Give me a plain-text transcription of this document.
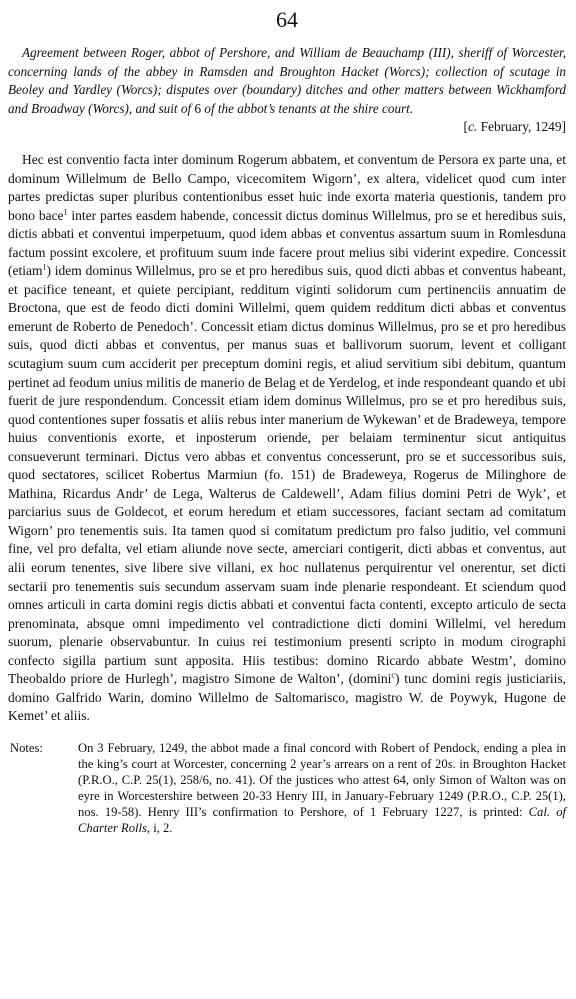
64

Agreement between Roger, abbot of Pershore, and William de Beauchamp (III), sheriff of Worcester, concerning lands of the abbey in Ramsden and Broughton Hacket (Worcs); collection of scutage in Beoley and Yardley (Worcs); disputes over (boundary) ditches and other matters between Wickhamford and Broadway (Worcs), and suit of 6 of the abbot’s tenants at the shire court.

[c. February, 1249]

Hec est conventio facta inter dominum Rogerum abbatem, et conventum de Persora ex parte una, et dominum Willelmum de Bello Campo, vicecomitem Wigorn’, ex altera, videlicet quod cum inter partes predictas super pluribus contentionibus esset huic inde exorta materia questionis, tandem pro bono bace$^1$ inter partes easdem habende, concessit dictus dominus Willelmus, pro se et heredibus suis, dictis abbati et conventui imperpetuum, quod idem abbas et conventus assartum suum in Romlesduna factum possint excolere, et profituum suum inde facere prout melius sibi viderint expedire. Concessit (etiam$^1$) idem dominus Willelmus, pro se et pro heredibus suis, quod dicti abbas et conventus habeant, et pacifice teneant, et quiete percipiant, redditum viginti solidorum cum pertinenciis annuatim de Broctona, que est de feodo dicti domini Willelmi, quem quidem redditum dicti abbas et conventus emerunt de Roberto de Penedoch’. Concessit etiam dictus dominus Willelmus, pro se et pro heredibus suis, quod dicti abbas et conventus, per manus suas et ballivorum suorum, levent et colligant scutagium suum cum acciderit per preceptum domini regis, et aliud servitium sibi debitum, quantum pertinet ad feodum unius militis de manerio de Belag et de Yerdelog, et inde respondeant quando et ubi fuerit de jure respondendum. Concessit etiam idem dominus Willelmus, pro se et pro heredibus suis, quod contentiones super fossatis et aliis rebus inter manerium de Wykewan’ et de Bradeweya, tempore huius conventionis exorte, et inposterum oriende, per belaiam terminentur sicut antiquitus consueverunt terminari. Dictus vero abbas et conventus concesserunt, pro se et successoribus suis, quod sectatores, scilicet Robertus Marmiun (fo. 151) de Bradeweya, Rogerus de Milinghore de Mathina, Ricardus Andr’ de Lega, Walterus de Caldewell’, Adam filius domini Petri de Wyk’, et parciarius suus de Goldecot, et eorum heredum et etiam successores, faciant sectam ad comitatum Wigorn’ pro tenementis suis. Ita tamen quod si comitatum predictum pro falso juditio, vel communi fine, vel pro defalta, vel etiam aliunde nove secte, amerciari contigerit, dicti abbas et conventus, aut alii eorum tenentes, sive libere sive villani, ex hoc nullatenus perquirentur vel onerentur, set dicti sectarii pro tenementis suis secundum asservam suam inde plenarie respondeant. Et sciendum quod omnes articuli in carta domini regis dictis abbati et conventui facta contenti, excepto articulo de secta prenominata, absque omni impedimento vel contradictione dicti domini Willelmi, vel heredum suorum, plenarie observabuntur. In cuius rei testimonium presenti scripto in modum cirographi confecto sigilla partium sunt apposita. Hiis testibus: domino Ricardo abbate Westm’, domino Theobaldo priore de Hurlegh’, magistro Simone de Walton’, (domini$^c$) tunc domini regis justiciariis, domino Galfrido Warin, domino Willelmo de Saltomarisco, magistro W. de Poywyk, Hugone de Kemet’ et aliis.

Notes:	On 3 February, 1249, the abbot made a final concord with Robert of Pendock, ending a plea in the king’s court at Worcester, concerning 2 year’s arrears on a rent of 20s. in Broughton Hacket (P.R.O., C.P. 25(1), 258/6, no. 41). Of the justices who attest 64, only Simon of Walton was on eyre in Worcestershire between 20-33 Henry III, in January-February 1249 (P.R.O., C.P. 25(1), nos. 19-58). Henry III’s confirmation to Pershore, of 1 February 1227, is printed: Cal. of Charter Rolls, i, 2.
